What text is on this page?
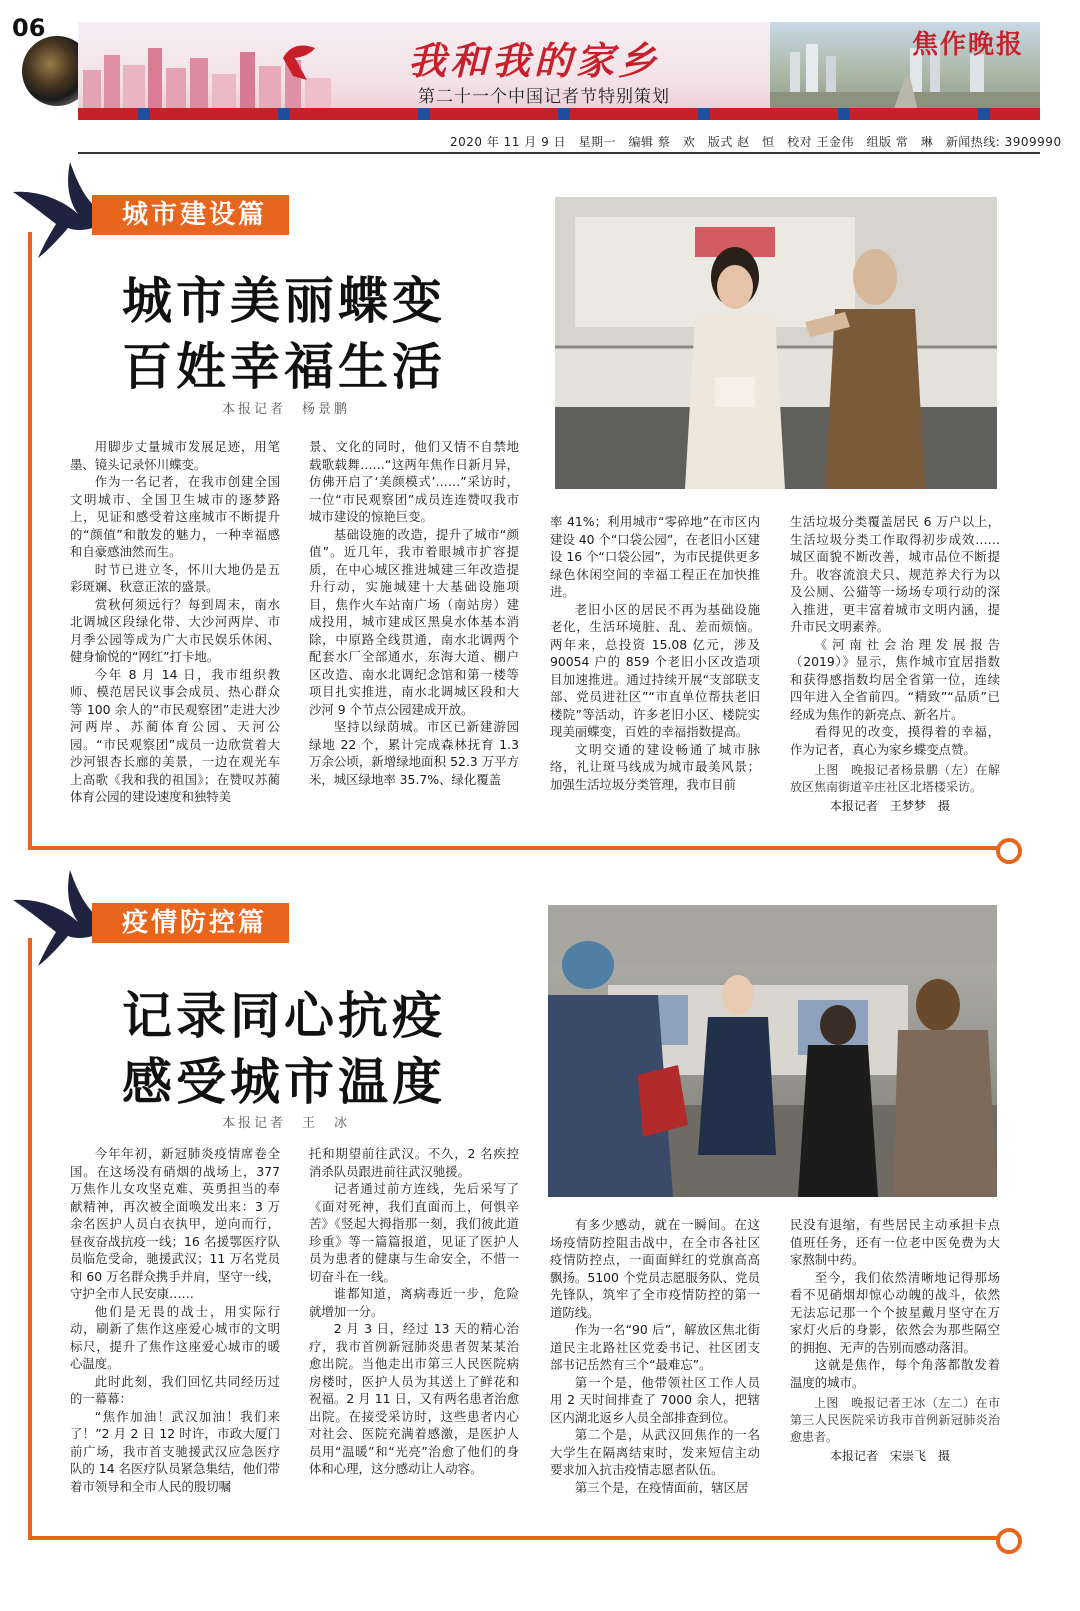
06
我和我的家乡
第二十一个中国记者节特别策划
焦作晚报
2020 年 11 月 9 日　星期一　编辑 蔡　欢　版式 赵　恒　校对 王金伟　组版 常　琳　新闻热线: 3909990
城市建设篇
城市美丽蝶变
百姓幸福生活
本报记者　杨景鹏

用脚步丈量城市发展足迹，用笔墨、镜头记录怀川蝶变。

作为一名记者，在我市创建全国文明城市、全国卫生城市的逐梦路上，见证和感受着这座城市不断提升的“颜值”和散发的魅力，一种幸福感和自豪感油然而生。

时节已进立冬，怀川大地仍是五彩斑斓、秋意正浓的盛景。

赏秋何须远行？每到周末，南水北调城区段绿化带、大沙河两岸、市月季公园等成为广大市民娱乐休闲、健身愉悦的“网红”打卡地。

今年 8 月 14 日，我市组织教师、模范居民议事会成员、热心群众等 100 余人的“市民观察团”走进大沙河两岸、苏蔺体育公园、天河公园。“市民观察团”成员一边欣赏着大沙河银杏长廊的美景，一边在观光车上高歌《我和我的祖国》；在赞叹苏蔺体育公园的建设速度和独特美

景、文化的同时，他们又情不自禁地载歌载舞……“这两年焦作日新月异，仿佛开启了‘美颜模式’……”采访时，一位“市民观察团”成员连连赞叹我市城市建设的惊艳巨变。

基础设施的改造，提升了城市“颜值”。近几年，我市着眼城市扩容提质，在中心城区推进城建三年改造提升行动，实施城建十大基础设施项目，焦作火车站南广场（南站房）建成投用，城市建成区黑臭水体基本消除，中原路全线贯通，南水北调两个配套水厂全部通水，东海大道、棚户区改造、南水北调纪念馆和第一楼等项目扎实推进，南水北调城区段和大沙河 9 个节点公园建成开放。

坚持以绿荫城。市区已新建游园绿地 22 个，累计完成森林抚育 1.3 万余公顷，新增绿地面积 52.3 万平方米，城区绿地率 35.7%、绿化覆盖

率 41%；利用城市“零碎地”在市区内建设 40 个“口袋公园”，在老旧小区建设 16 个“口袋公园”，为市民提供更多绿色休闲空间的幸福工程正在加快推进。

老旧小区的居民不再为基础设施老化，生活环境脏、乱、差而烦恼。两年来，总投资 15.08 亿元，涉及 90054 户的 859 个老旧小区改造项目加速推进。通过持续开展“支部联支部、党员进社区”“市直单位帮扶老旧楼院”等活动，许多老旧小区、楼院实现美丽蝶变，百姓的幸福指数提高。

文明交通的建设畅通了城市脉络，礼让斑马线成为城市最美风景；加强生活垃圾分类管理，我市目前

生活垃圾分类覆盖居民 6 万户以上，生活垃圾分类工作取得初步成效……城区面貌不断改善，城市品位不断提升。收容流浪犬只、规范养犬行为以及公厕、公猫等一场场专项行动的深入推进，更丰富着城市文明内涵，提升市民文明素养。

《河南社会治理发展报告（2019）》显示，焦作城市宜居指数和获得感指数均居全省第一位，连续四年进入全省前四。“精致”“品质”已经成为焦作的新亮点、新名片。

看得见的改变，摸得着的幸福，作为记者，真心为家乡蝶变点赞。

上图　晚报记者杨景鹏（左）在解放区焦南街道辛庄社区北塔楼采访。
本报记者　王梦梦　摄
疫情防控篇
记录同心抗疫
感受城市温度
本报记者　王　冰

今年年初，新冠肺炎疫情席卷全国。在这场没有硝烟的战场上，377 万焦作儿女攻坚克难、英勇担当的奉献精神，再次被全面唤发出来：3 万余名医护人员白衣执甲，逆向而行，昼夜奋战抗疫一线；16 名援鄂医疗队员临危受命，驰援武汉；11 万名党员和 60 万名群众携手并肩，坚守一线，守护全市人民安康……

他们是无畏的战士，用实际行动，刷新了焦作这座爱心城市的文明标尺，提升了焦作这座爱心城市的暖心温度。

此时此刻，我们回忆共同经历过的一幕幕：

“焦作加油！武汉加油！我们来了！”2 月 2 日 12 时许，市政大厦门前广场，我市首支驰援武汉应急医疗队的 14 名医疗队员紧急集结，他们带着市领导和全市人民的殷切嘱

托和期望前往武汉。不久，2 名疾控消杀队员跟进前往武汉驰援。

记者通过前方连线，先后采写了《面对死神，我们直面而上，何惧辛苦》《竖起大拇指那一刻，我们彼此道珍重》等一篇篇报道，见证了医护人员为患者的健康与生命安全，不惜一切奋斗在一线。

谁都知道，离病毒近一步，危险就增加一分。

2 月 3 日，经过 13 天的精心治疗，我市首例新冠肺炎患者贺某某治愈出院。当他走出市第三人民医院病房楼时，医护人员为其送上了鲜花和祝福。2 月 11 日，又有两名患者治愈出院。在接受采访时，这些患者内心对社会、医院充满着感激，是医护人员用“温暖”和“光亮”治愈了他们的身体和心理，这分感动让人动容。

有多少感动，就在一瞬间。在这场疫情防控阻击战中，在全市各社区疫情防控点，一面面鲜红的党旗高高飘扬。5100 个党员志愿服务队、党员先锋队，筑牢了全市疫情防控的第一道防线。

作为一名“90 后”，解放区焦北街道民主北路社区党委书记、社区团支部书记岳然有三个“最难忘”。

第一个是，他带领社区工作人员用 2 天时间排查了 7000 余人，把辖区内湖北返乡人员全部排查到位。

第二个是，从武汉回焦作的一名大学生在隔离结束时，发来短信主动要求加入抗击疫情志愿者队伍。

第三个是，在疫情面前，辖区居

民没有退缩，有些居民主动承担卡点值班任务，还有一位老中医免费为大家熬制中药。

至今，我们依然清晰地记得那场看不见硝烟却惊心动魄的战斗，依然无法忘记那一个个披星戴月坚守在万家灯火后的身影，依然会为那些隔空的拥抱、无声的告别而感动落泪。

这就是焦作，每个角落都散发着温度的城市。

上图　晚报记者王冰（左二）在市第三人民医院采访我市首例新冠肺炎治愈患者。
本报记者　宋崇飞　摄
